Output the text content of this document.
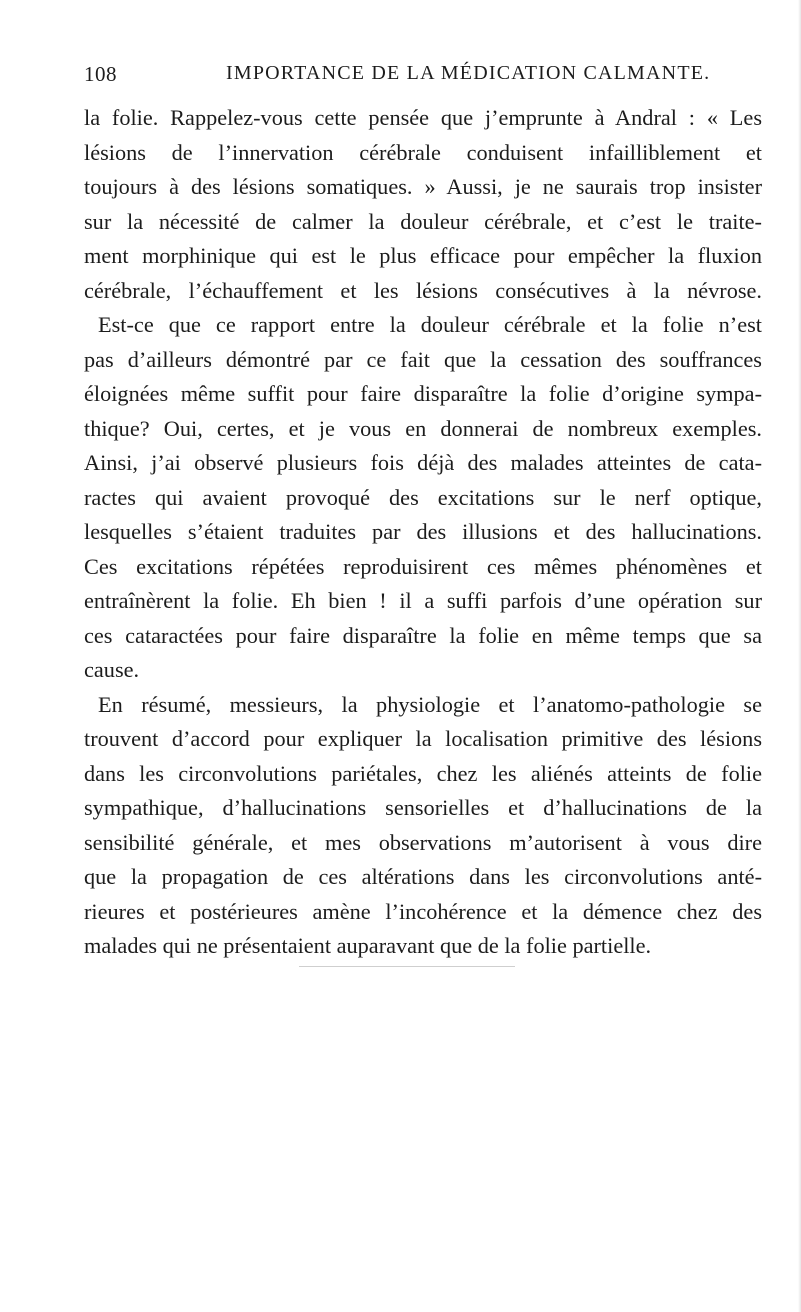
108	IMPORTANCE DE LA MÉDICATION CALMANTE.
la folie. Rappelez-vous cette pensée que j’emprunte à Andral : « Les
lésions de l’innervation cérébrale conduisent infailliblement et
toujours à des lésions somatiques. » Aussi, je ne saurais trop insister
sur la nécessité de calmer la douleur cérébrale, et c’est le traite-
ment morphinique qui est le plus efficace pour empêcher la fluxion
cérébrale, l’échauffement et les lésions consécutives à la névrose.
Est-ce que ce rapport entre la douleur cérébrale et la folie n’est
pas d’ailleurs démontré par ce fait que la cessation des souffrances
éloignées même suffit pour faire disparaître la folie d’origine sympa-
thique? Oui, certes, et je vous en donnerai de nombreux exemples.
Ainsi, j’ai observé plusieurs fois déjà des malades atteintes de cata-
ractes qui avaient provoqué des excitations sur le nerf optique,
lesquelles s’étaient traduites par des illusions et des hallucinations.
Ces excitations répétées reproduisirent ces mêmes phénomènes et
entraînèrent la folie. Eh bien ! il a suffi parfois d’une opération sur
ces cataractées pour faire disparaître la folie en même temps que sa
cause.
En résumé, messieurs, la physiologie et l’anatomo-pathologie se
trouvent d’accord pour expliquer la localisation primitive des lésions
dans les circonvolutions pariétales, chez les aliénés atteints de folie
sympathique, d’hallucinations sensorielles et d’hallucinations de la
sensibilité générale, et mes observations m’autorisent à vous dire
que la propagation de ces altérations dans les circonvolutions anté-
rieures et postérieures amène l’incohérence et la démence chez des
malades qui ne présentaient auparavant que de la folie partielle.
